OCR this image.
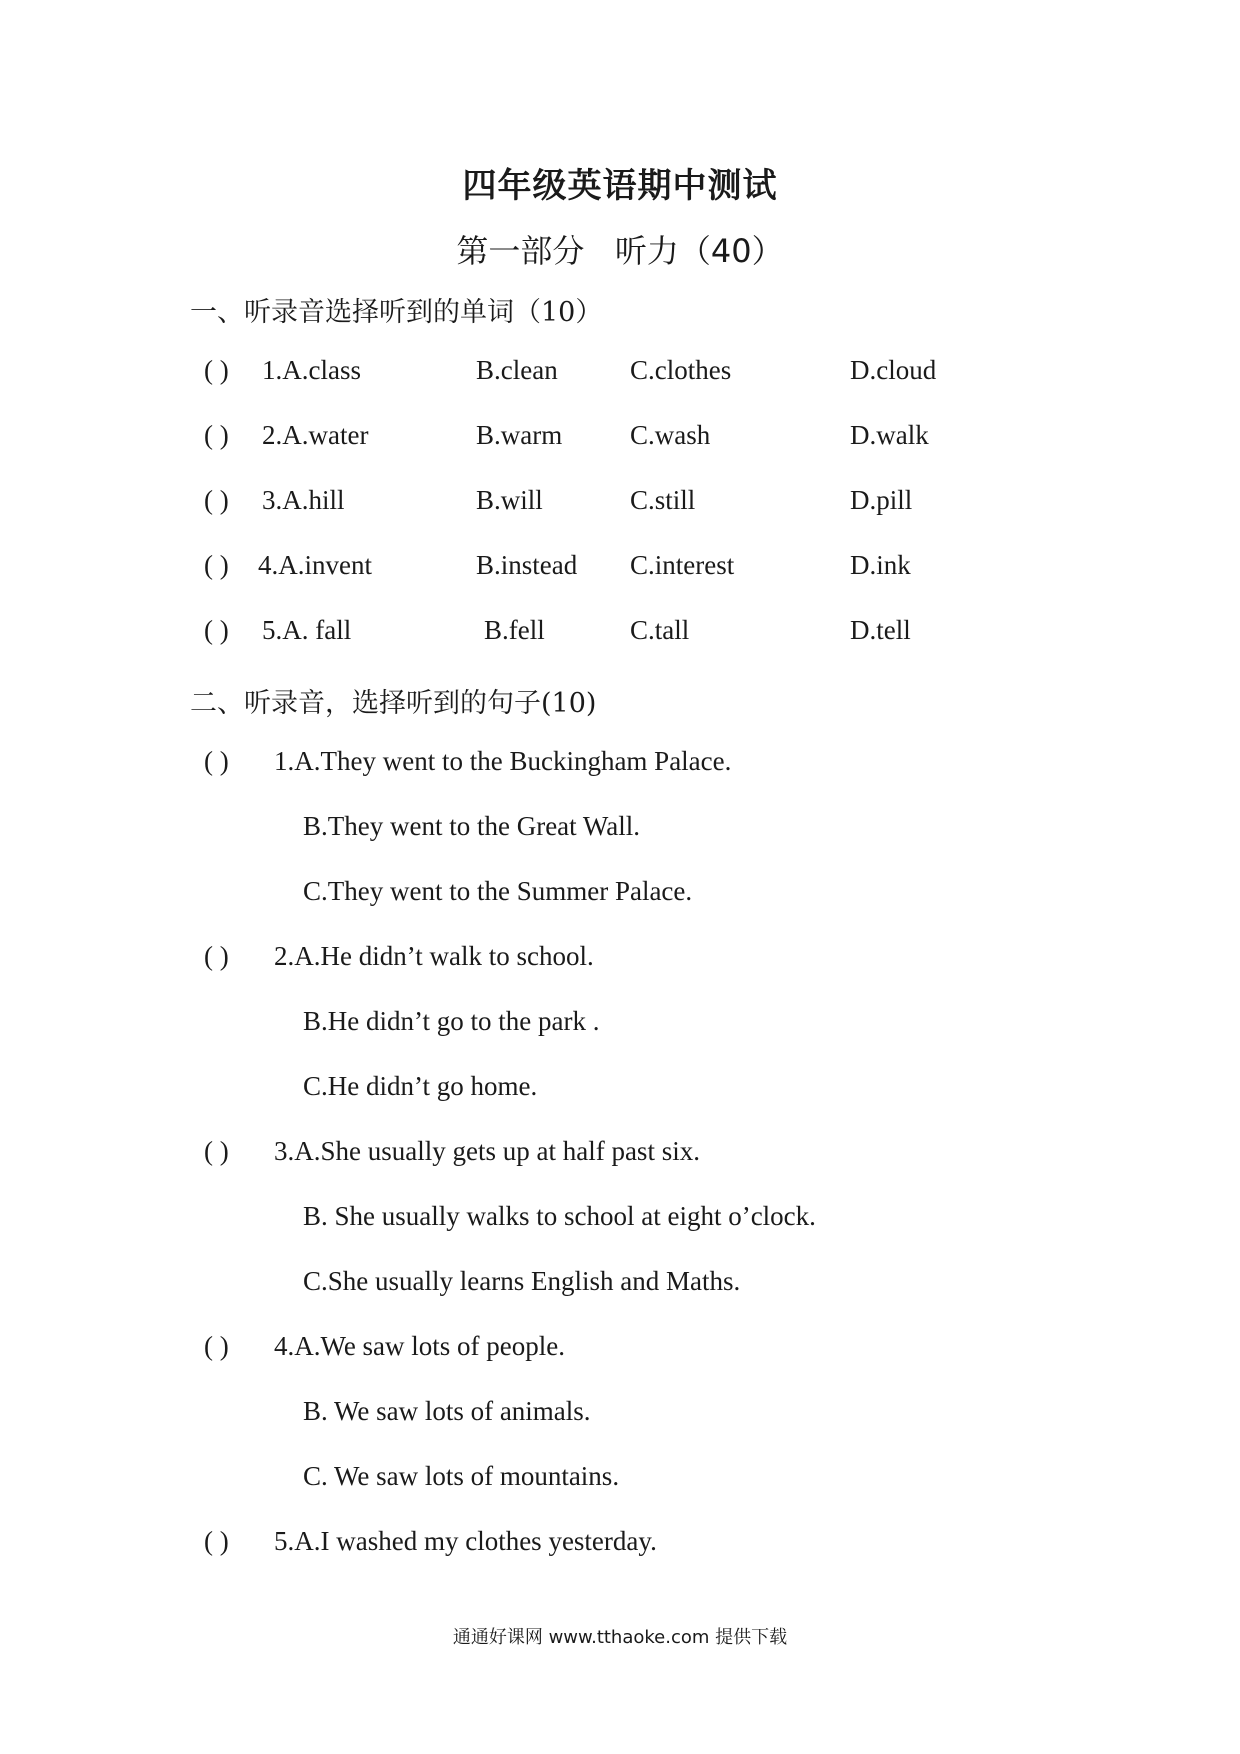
四年级英语期中测试
第一部分   听力（40）
一、听录音选择听到的单词（10）
( ) 1.A.class	B.clean	C.clothes	D.cloud
( ) 2.A.water	B.warm	C.wash	D.walk
( ) 3.A.hill	B.will	C.still	D.pill
( ) 4.A.invent	B.instead C.interest	D.ink
( ) 5.A. fall	B.fell	C.tall	D.tell
二、听录音，选择听到的句子(10)
( ) 1.A.They went to the Buckingham Palace.
B.They went to the Great Wall.
C.They went to the Summer Palace.
( ) 2.A.He didn’t walk to school.
B.He didn’t go to the park .
C.He didn’t go home.
( ) 3.A.She usually gets up at half past six.
B. She usually walks to school at eight o’clock.
C.She usually learns English and Maths.
( ) 4.A.We saw lots of people.
B. We saw lots of animals.
C. We saw lots of mountains.
( ) 5.A.I washed my clothes yesterday.
通通好课网 www.tthaoke.com 提供下载
